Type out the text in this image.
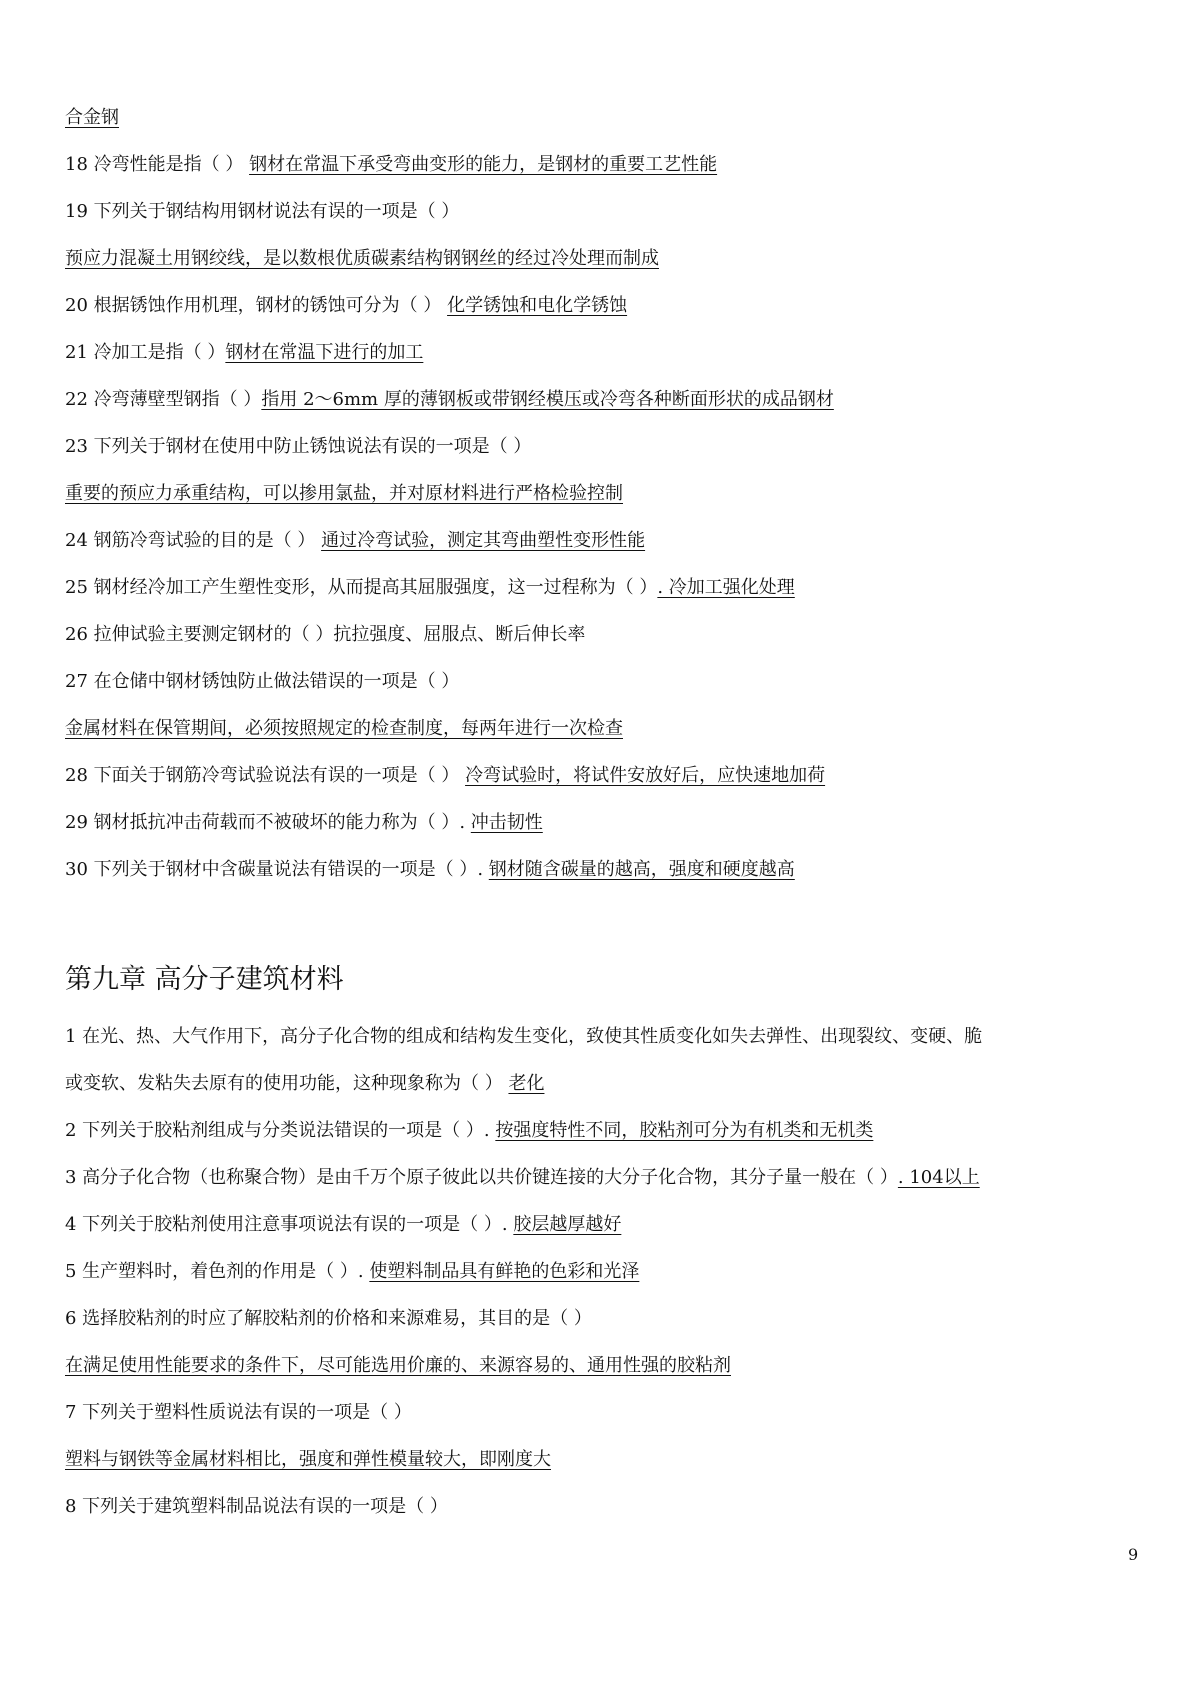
合金钢
18 冷弯性能是指（ ） 钢材在常温下承受弯曲变形的能力，是钢材的重要工艺性能
19 下列关于钢结构用钢材说法有误的一项是（ ）
预应力混凝土用钢绞线，是以数根优质碳素结构钢钢丝的经过冷处理而制成
20 根据锈蚀作用机理，钢材的锈蚀可分为（ ） 化学锈蚀和电化学锈蚀
21 冷加工是指（ ）钢材在常温下进行的加工
22 冷弯薄壁型钢指（ ）指用 2～6mm 厚的薄钢板或带钢经模压或冷弯各种断面形状的成品钢材
23 下列关于钢材在使用中防止锈蚀说法有误的一项是（ ）
重要的预应力承重结构，可以掺用氯盐，并对原材料进行严格检验控制
24 钢筋冷弯试验的目的是（ ） 通过冷弯试验，测定其弯曲塑性变形性能
25 钢材经冷加工产生塑性变形，从而提高其屈服强度，这一过程称为（ ）. 冷加工强化处理
26 拉伸试验主要测定钢材的（ ）抗拉强度、屈服点、断后伸长率
27 在仓储中钢材锈蚀防止做法错误的一项是（ ）
金属材料在保管期间，必须按照规定的检查制度，每两年进行一次检查
28 下面关于钢筋冷弯试验说法有误的一项是（ ） 冷弯试验时，将试件安放好后，应快速地加荷
29 钢材抵抗冲击荷载而不被破坏的能力称为（ ）. 冲击韧性
30 下列关于钢材中含碳量说法有错误的一项是（ ）. 钢材随含碳量的越高，强度和硬度越高
第九章 高分子建筑材料
1 在光、热、大气作用下，高分子化合物的组成和结构发生变化，致使其性质变化如失去弹性、出现裂纹、变硬、脆
或变软、发粘失去原有的使用功能，这种现象称为（ ） 老化
2 下列关于胶粘剂组成与分类说法错误的一项是（ ）. 按强度特性不同，胶粘剂可分为有机类和无机类
3 高分子化合物（也称聚合物）是由千万个原子彼此以共价键连接的大分子化合物，其分子量一般在（ ）. 104以上
4 下列关于胶粘剂使用注意事项说法有误的一项是（ ）. 胶层越厚越好
5 生产塑料时，着色剂的作用是（ ）. 使塑料制品具有鲜艳的色彩和光泽
6 选择胶粘剂的时应了解胶粘剂的价格和来源难易，其目的是（ ）
在满足使用性能要求的条件下，尽可能选用价廉的、来源容易的、通用性强的胶粘剂
7 下列关于塑料性质说法有误的一项是（ ）
塑料与钢铁等金属材料相比，强度和弹性模量较大，即刚度大
8 下列关于建筑塑料制品说法有误的一项是（ ）
9
